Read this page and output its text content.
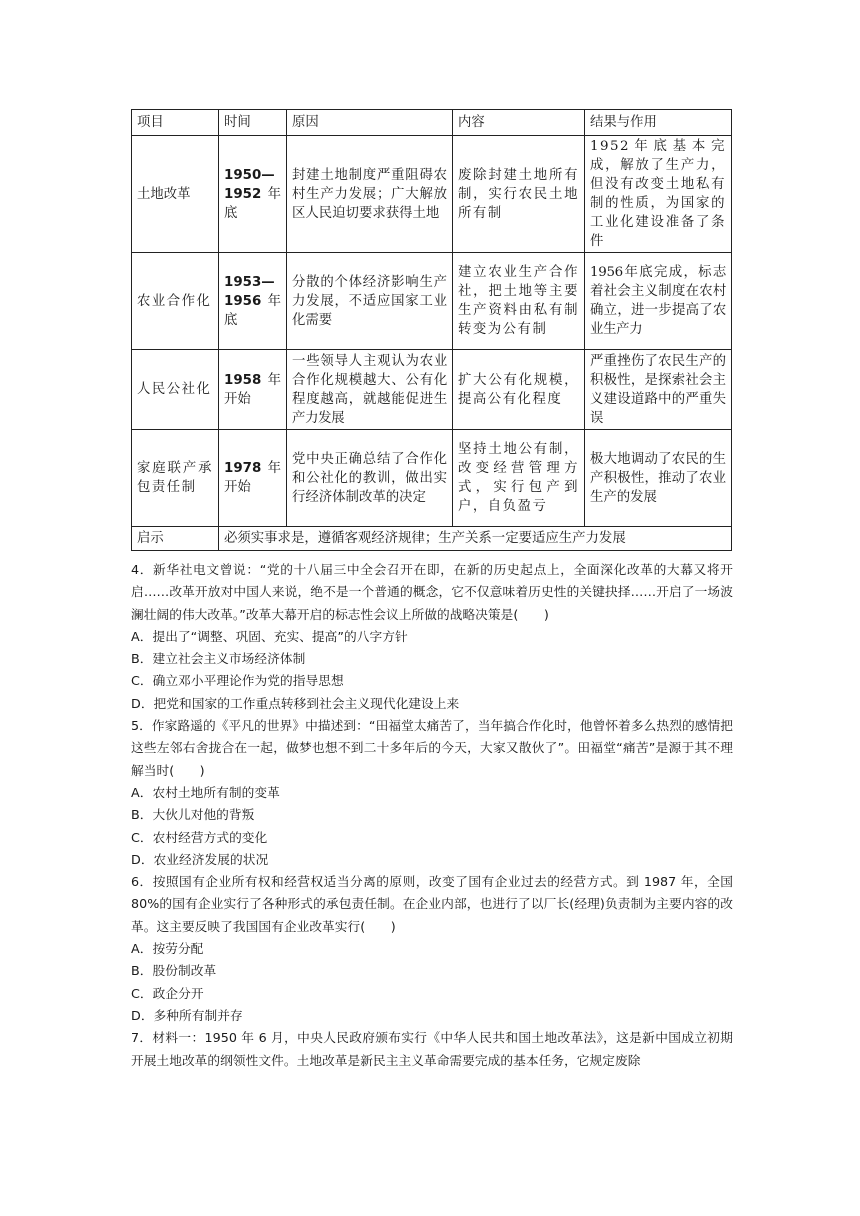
项目	时间	原因	内容	结果与作用
土地改革	1950—1952 年底	封建土地制度严重阻碍农村生产力发展；广大解放区人民迫切要求获得土地	废除封建土地所有制，实行农民土地所有制	1952年底基本完成，解放了生产力，但没有改变土地私有制的性质，为国家的工业化建设准备了条件
农业合作化	1953—1956 年底	分散的个体经济影响生产力发展，不适应国家工业化需要	建立农业生产合作社，把土地等主要生产资料由私有制转变为公有制	1956年底完成，标志着社会主义制度在农村确立，进一步提高了农业生产力
人民公社化	1958 年开始	一些领导人主观认为农业合作化规模越大、公有化程度越高，就越能促进生产力发展	扩大公有化规模，提高公有化程度	严重挫伤了农民生产的积极性，是探索社会主义建设道路中的严重失误
家庭联产承包责任制	1978 年开始	党中央正确总结了合作化和公社化的教训，做出实行经济体制改革的决定	坚持土地公有制，改变经营管理方式，实行包产到户，自负盈亏	极大地调动了农民的生产积极性，推动了农业生产的发展
启示	必须实事求是，遵循客观经济规律；生产关系一定要适应生产力发展			

4．新华社电文曾说：“党的十八届三中全会召开在即，在新的历史起点上，全面深化改革的大幕又将开启……改革开放对中国人来说，绝不是一个普通的概念，它不仅意味着历史性的关键抉择……开启了一场波澜壮阔的伟大改革。”改革大幕开启的标志性会议上所做的战略决策是(　　)

A．提出了“调整、巩固、充实、提高”的八字方针

B．建立社会主义市场经济体制

C．确立邓小平理论作为党的指导思想

D．把党和国家的工作重点转移到社会主义现代化建设上来

5．作家路遥的《平凡的世界》中描述到：“田福堂太痛苦了，当年搞合作化时，他曾怀着多么热烈的感情把这些左邻右舍拢合在一起，做梦也想不到二十多年后的今天，大家又散伙了”。田福堂“痛苦”是源于其不理解当时(　　)

A．农村土地所有制的变革

B．大伙儿对他的背叛

C．农村经营方式的变化

D．农业经济发展的状况

6．按照国有企业所有权和经营权适当分离的原则，改变了国有企业过去的经营方式。到 1987 年，全国 80%的国有企业实行了各种形式的承包责任制。在企业内部，也进行了以厂长(经理)负责制为主要内容的改革。这主要反映了我国国有企业改革实行(　　)

A．按劳分配

B．股份制改革

C．政企分开

D．多种所有制并存

7．材料一：1950 年 6 月，中央人民政府颁布实行《中华人民共和国土地改革法》，这是新中国成立初期开展土地改革的纲领性文件。土地改革是新民主主义革命需要完成的基本任务，它规定废除
